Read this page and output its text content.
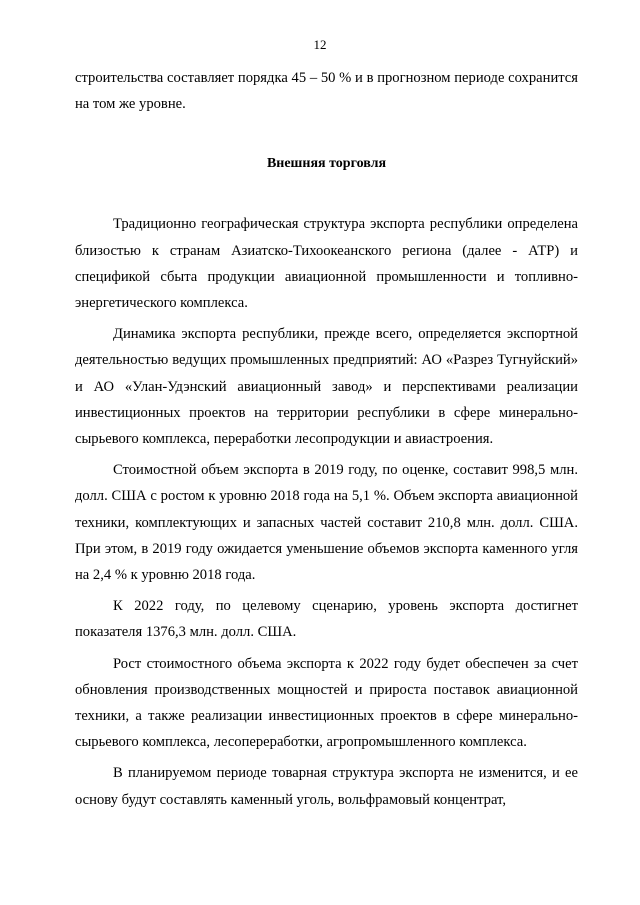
12

строительства составляет порядка 45 – 50 % и в прогнозном периоде сохранится на том же уровне.

Внешняя торговля

Традиционно географическая структура экспорта республики определена близостью к странам Азиатско-Тихоокеанского региона (далее - АТР) и спецификой сбыта продукции авиационной промышленности и топливно-энергетического комплекса.

Динамика экспорта республики, прежде всего, определяется экспортной деятельностью ведущих промышленных предприятий: АО «Разрез Тугнуйский» и АО «Улан-Удэнский авиационный завод» и перспективами реализации инвестиционных проектов на территории республики в сфере минерально-сырьевого комплекса, переработки лесопродукции и авиастроения.

Стоимостной объем экспорта в 2019 году, по оценке, составит 998,5 млн. долл. США с ростом к уровню 2018 года на 5,1 %. Объем экспорта авиационной техники, комплектующих и запасных частей составит 210,8 млн. долл. США. При этом, в 2019 году ожидается уменьшение объемов экспорта каменного угля на 2,4 % к уровню 2018 года.

К 2022 году, по целевому сценарию, уровень экспорта достигнет показателя 1376,3 млн. долл. США.

Рост стоимостного объема экспорта к 2022 году будет обеспечен за счет обновления производственных мощностей и прироста поставок авиационной техники, а также реализации инвестиционных проектов в сфере минерально-сырьевого комплекса, лесопереработки, агропромышленного комплекса.

В планируемом периоде товарная структура экспорта не изменится, и ее основу будут составлять каменный уголь, вольфрамовый концентрат,
